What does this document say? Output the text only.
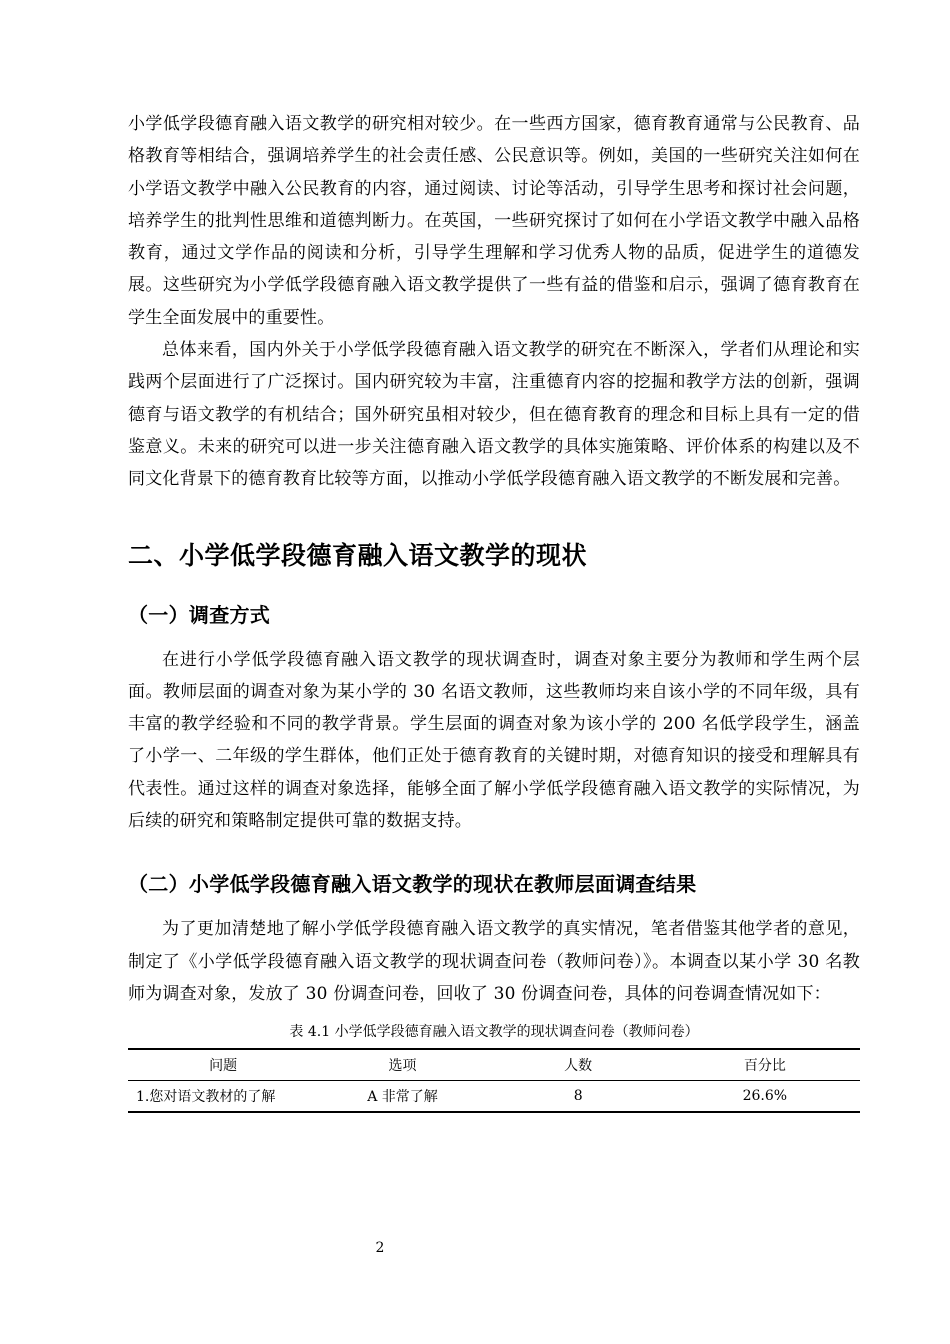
小学低学段德育融入语文教学的研究相对较少。在一些西方国家，德育教育通常与公民教育、品格教育等相结合，强调培养学生的社会责任感、公民意识等。例如，美国的一些研究关注如何在小学语文教学中融入公民教育的内容，通过阅读、讨论等活动，引导学生思考和探讨社会问题，培养学生的批判性思维和道德判断力。在英国，一些研究探讨了如何在小学语文教学中融入品格教育，通过文学作品的阅读和分析，引导学生理解和学习优秀人物的品质，促进学生的道德发展。这些研究为小学低学段德育融入语文教学提供了一些有益的借鉴和启示，强调了德育教育在学生全面发展中的重要性。

总体来看，国内外关于小学低学段德育融入语文教学的研究在不断深入，学者们从理论和实践两个层面进行了广泛探讨。国内研究较为丰富，注重德育内容的挖掘和教学方法的创新，强调德育与语文教学的有机结合；国外研究虽相对较少，但在德育教育的理念和目标上具有一定的借鉴意义。未来的研究可以进一步关注德育融入语文教学的具体实施策略、评价体系的构建以及不同文化背景下的德育教育比较等方面，以推动小学低学段德育融入语文教学的不断发展和完善。

二、小学低学段德育融入语文教学的现状
（一）调查方式

在进行小学低学段德育融入语文教学的现状调查时，调查对象主要分为教师和学生两个层面。教师层面的调查对象为某小学的 30 名语文教师，这些教师均来自该小学的不同年级，具有丰富的教学经验和不同的教学背景。学生层面的调查对象为该小学的 200 名低学段学生，涵盖了小学一、二年级的学生群体，他们正处于德育教育的关键时期，对德育知识的接受和理解具有代表性。通过这样的调查对象选择，能够全面了解小学低学段德育融入语文教学的实际情况，为后续的研究和策略制定提供可靠的数据支持。

（二）小学低学段德育融入语文教学的现状在教师层面调查结果

为了更加清楚地了解小学低学段德育融入语文教学的真实情况，笔者借鉴其他学者的意见，制定了《小学低学段德育融入语文教学的现状调查问卷（教师问卷）》。本调查以某小学 30 名教师为调查对象，发放了 30 份调查问卷，回收了 30 份调查问卷，具体的问卷调查情况如下：

表 4.1 小学低学段德育融入语文教学的现状调查问卷（教师问卷）
问题	选项	人数	百分比
1.您对语文教材的了解	A 非常了解	8	26.6%
2
